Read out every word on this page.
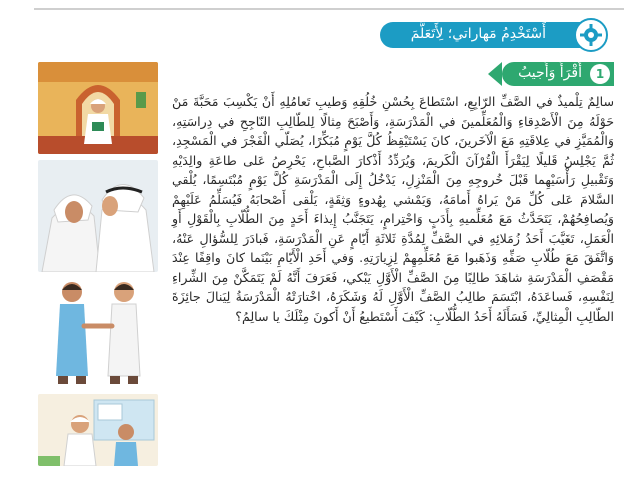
أَسْتَخْدِمُ مَهاراتي؛ لِأَتَعَلَّمَ
أَقْرَأُ وَأُجيبُ	1

سالِمٌ تِلْميذٌ في الصَّفِّ الرّابِعِ، اسْتَطاعَ بِحُسْنِ خُلُقِهِ وَطيبِ تَعامُلِهِ أَنْ يَكْسِبَ مَحَبَّةَ مَنْ حَوْلَهُ مِنَ الْأَصْدِقاءِ وَالْمُعَلِّمينَ في الْمَدْرَسَةِ، وَأَصْبَحَ مِثالًا لِلطّالِبِ النّاجِحِ في دِراسَتِهِ، وَالْمُمَيَّزِ في عِلاقَتِهِ مَعَ الْآخَرينَ، كانَ يَسْتَيْقِظُ كُلَّ يَوْمٍ مُبَكِّرًا، يُصَلّي الْفَجْرَ في الْمَسْجِدِ، ثُمَّ يَجْلِسُ قَليلًا لِيَقْرَأَ الْقُرْآنَ الْكَريمَ، وَيُرَدِّدُ أَذْكارَ الصَّباحِ، يَحْرِصُ عَلى طاعَةِ والِدَيْهِ وَتَقْبيلِ رَأْسَيْهِما قَبْلَ خُروجِهِ مِنَ الْمَنْزِلِ، يَدْخُلُ إِلَى الْمَدْرَسَةِ كُلَّ يَوْمٍ مُبْتَسِمًا، يُلْقي السَّلامَ عَلى كُلِّ مَنْ يَراهُ أَمامَهُ، وَيَمْشي بِهُدوءٍ وَثِقَةٍ، يَلْقى أَصْحابَهُ فَيُسَلِّمُ عَلَيْهِمْ وَيُصافِحُهُمْ، يَتَحَدَّثُ مَعَ مُعَلِّميهِ بِأَدَبٍ وَاحْتِرامٍ، يَتَجَنَّبُ إِيذاءَ أَحَدٍ مِنَ الطُّلّابِ بِالْقَوْلِ أَوِ الْعَمَلِ، تَغَيَّبَ أَحَدُ زُمَلائِهِ في الصَّفِّ لِمُدَّةِ ثَلاثَةِ أَيّامٍ عَنِ الْمَدْرَسَةِ، فَبادَرَ لِلسُّؤالِ عَنْهُ، وَاتَّفَقَ مَعَ طُلّابِ صَفِّهِ وَذَهَبوا مَعَ مُعَلِّمِهِمْ لِزِيارَتِهِ. وَفي أَحَدِ الْأَيّامِ بَيْنَما كانَ واقِفًا عِنْدَ مَقْصَفِ الْمَدْرَسَةِ شاهَدَ طالِبًا مِنَ الصَّفِّ الْأَوَّلِ يَبْكي، فَعَرَفَ أَنَّهُ لَمْ يَتَمَكَّنْ مِنَ الشِّراءِ لِنَفْسِهِ، فَساعَدَهُ، ابْتَسَمَ طالِبُ الصَّفِّ الْأَوَّلِ لَهُ وَشَكَرَهُ، اخْتارَتْهُ الْمَدْرَسَةُ لِيَنالَ جائِزَةَ الطّالِبِ الْمِثالِيِّ، فَسَأَلَهُ أَحَدُ الطُّلّابِ: كَيْفَ أَسْتَطيعُ أَنْ أَكونَ مِثْلَكَ يا سالِمُ؟
